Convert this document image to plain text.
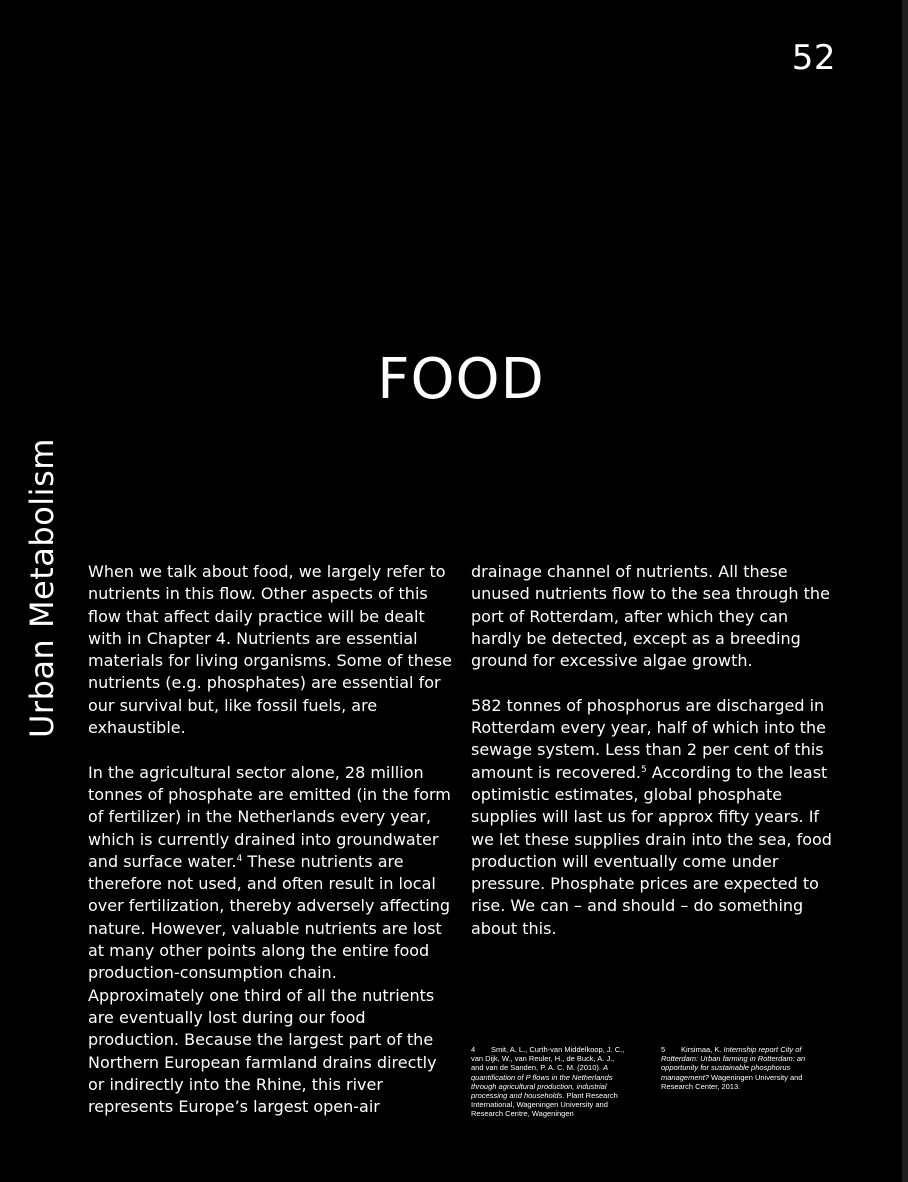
52
Urban Metabolism
FOOD

When we talk about food, we largely refer to
nutrients in this flow. Other aspects of this
flow that affect daily practice will be dealt
with in Chapter 4. Nutrients are essential
materials for living organisms. Some of these
nutrients (e.g. phosphates) are essential for
our survival but, like fossil fuels, are
exhaustible.

In the agricultural sector alone, 28 million
tonnes of phosphate are emitted (in the form
of fertilizer) in the Netherlands every year,
which is currently drained into groundwater
and surface water.$^4$ These nutrients are
therefore not used, and often result in local
over fertilization, thereby adversely affecting
nature. However, valuable nutrients are lost
at many other points along the entire food
production-consumption chain.
Approximately one third of all the nutrients
are eventually lost during our food
production. Because the largest part of the
Northern European farmland drains directly
or indirectly into the Rhine, this river
represents Europe’s largest open-air

drainage channel of nutrients. All these
unused nutrients flow to the sea through the
port of Rotterdam, after which they can
hardly be detected, except as a breeding
ground for excessive algae growth.

582 tonnes of phosphorus are discharged in
Rotterdam every year, half of which into the
sewage system. Less than 2 per cent of this
amount is recovered.$^5$ According to the least
optimistic estimates, global phosphate
supplies will last us for approx fifty years. If
we let these supplies drain into the sea, food
production will eventually come under
pressure. Phosphate prices are expected to
rise. We can – and should – do something
about this.

4 Smit, A. L., Curth-van Middelkoop, J. C.,
van Dijk, W., van Reuler, H., de Buck, A. J.,
and van de Sanden, P. A. C. M. (2010). A
quantification of P flows in the Netherlands
through agricultural production, industrial
processing and households. Plant Research
International, Wageningen University and
Research Centre, Wageningen
5 Kirsimaa, K. Internship report City of
Rotterdam: Urban farming in Rotterdam: an
opportunity for sustainable phosphorus
management? Wageningen University and
Research Center, 2013.
